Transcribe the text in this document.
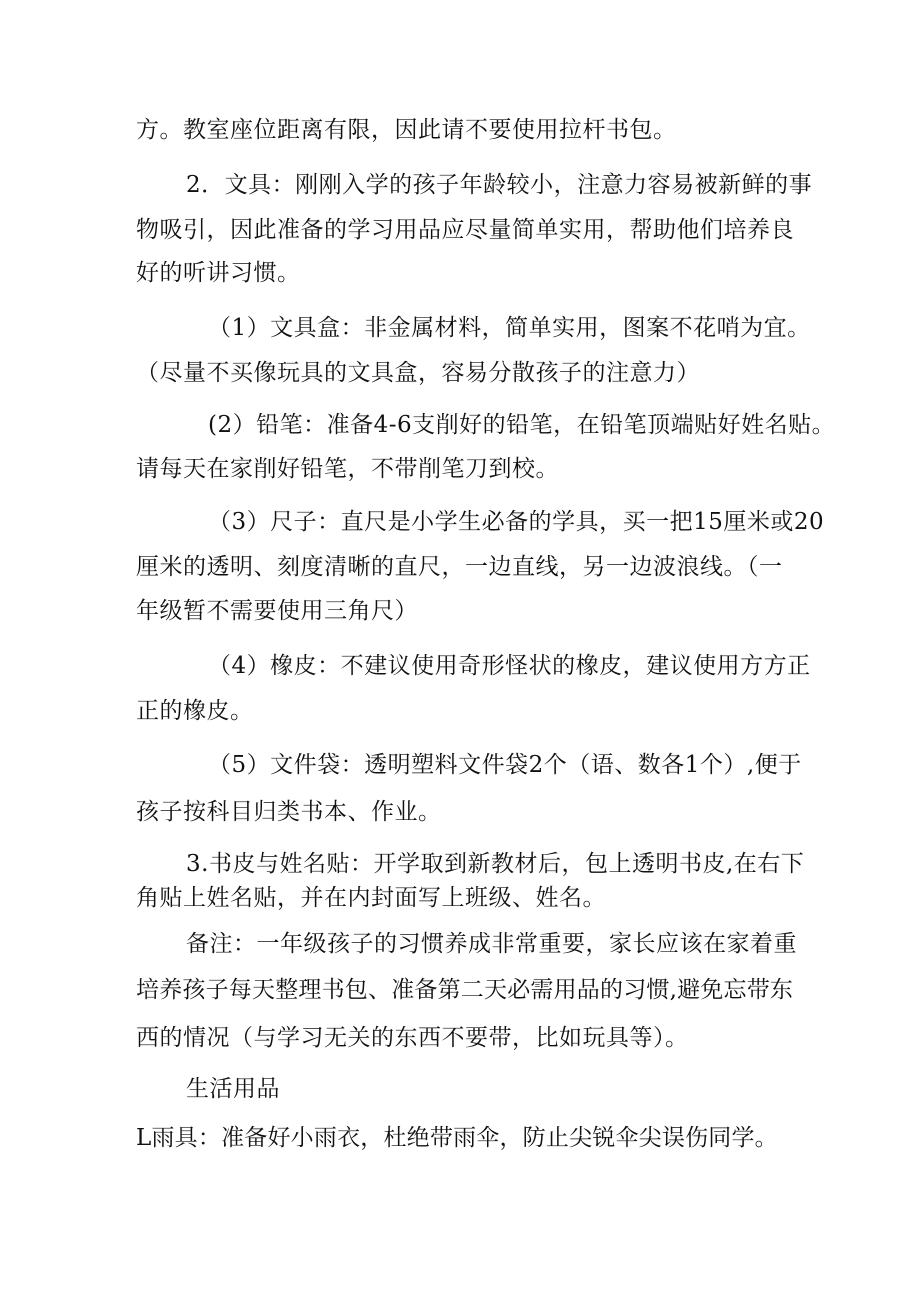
方。教室座位距离有限，因此请不要使用拉杆书包。
2．文具：刚刚入学的孩子年龄较小，注意力容易被新鲜的事
物吸引，因此准备的学习用品应尽量简单实用，帮助他们培养良
好的听讲习惯。
（1）文具盒：非金属材料，简单实用，图案不花哨为宜。
（尽量不买像玩具的文具盒，容易分散孩子的注意力）
(2）铅笔：准备4-6支削好的铅笔，在铅笔顶端贴好姓名贴。
请每天在家削好铅笔，不带削笔刀到校。
（3）尺子：直尺是小学生必备的学具，买一把15厘米或20
厘米的透明、刻度清晰的直尺，一边直线，另一边波浪线。（一
年级暂不需要使用三角尺）
（4）橡皮：不建议使用奇形怪状的橡皮，建议使用方方正
正的橡皮。
（5）文件袋：透明塑料文件袋2个（语、数各1个）,便于
孩子按科目归类书本、作业。
3.书皮与姓名贴：开学取到新教材后，包上透明书皮,在右下
角贴上姓名贴，并在内封面写上班级、姓名。
备注：一年级孩子的习惯养成非常重要，家长应该在家着重
培养孩子每天整理书包、准备第二天必需用品的习惯,避免忘带东
西的情况（与学习无关的东西不要带，比如玩具等）。
生活用品
L雨具：准备好小雨衣，杜绝带雨伞，防止尖锐伞尖误伤同学。
